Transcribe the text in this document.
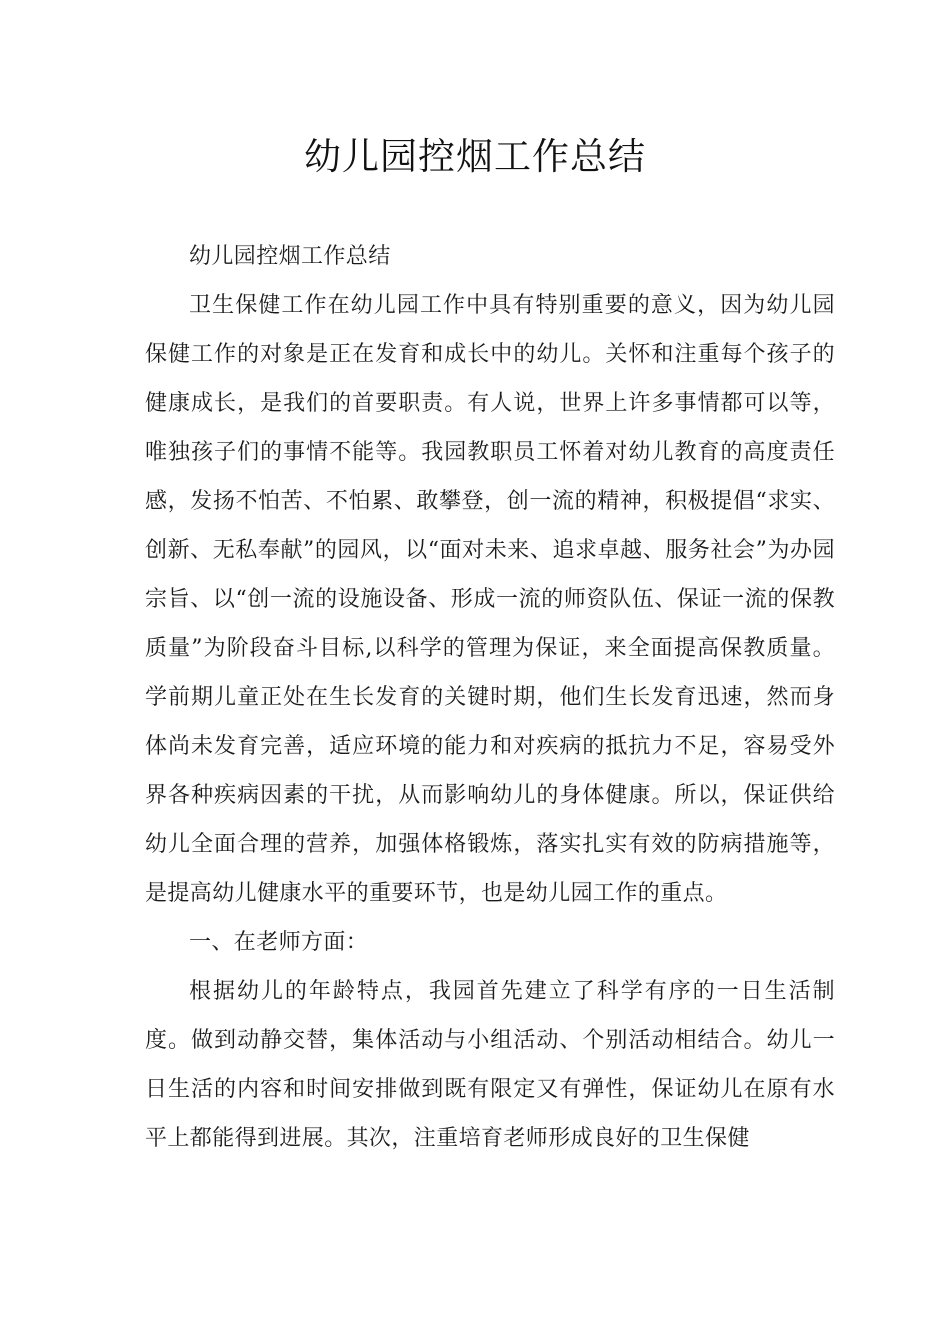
幼儿园控烟工作总结

幼儿园控烟工作总结

卫生保健工作在幼儿园工作中具有特别重要的意义，因为幼儿园保健工作的对象是正在发育和成长中的幼儿。关怀和注重每个孩子的健康成长，是我们的首要职责。有人说，世界上许多事情都可以等，唯独孩子们的事情不能等。我园教职员工怀着对幼儿教育的高度责任感，发扬不怕苦、不怕累、敢攀登，创一流的精神，积极提倡“求实、创新、无私奉献”的园风，以“面对未来、追求卓越、服务社会”为办园宗旨、以“创一流的设施设备、形成一流的师资队伍、保证一流的保教质量”为阶段奋斗目标,以科学的管理为保证，来全面提高保教质量。学前期儿童正处在生长发育的关键时期，他们生长发育迅速，然而身体尚未发育完善，适应环境的能力和对疾病的抵抗力不足，容易受外界各种疾病因素的干扰，从而影响幼儿的身体健康。所以，保证供给幼儿全面合理的营养，加强体格锻炼，落实扎实有效的防病措施等，是提高幼儿健康水平的重要环节，也是幼儿园工作的重点。

一、在老师方面：

根据幼儿的年龄特点，我园首先建立了科学有序的一日生活制度。做到动静交替，集体活动与小组活动、个别活动相结合。幼儿一日生活的内容和时间安排做到既有限定又有弹性，保证幼儿在原有水平上都能得到进展。其次，注重培育老师形成良好的卫生保健
